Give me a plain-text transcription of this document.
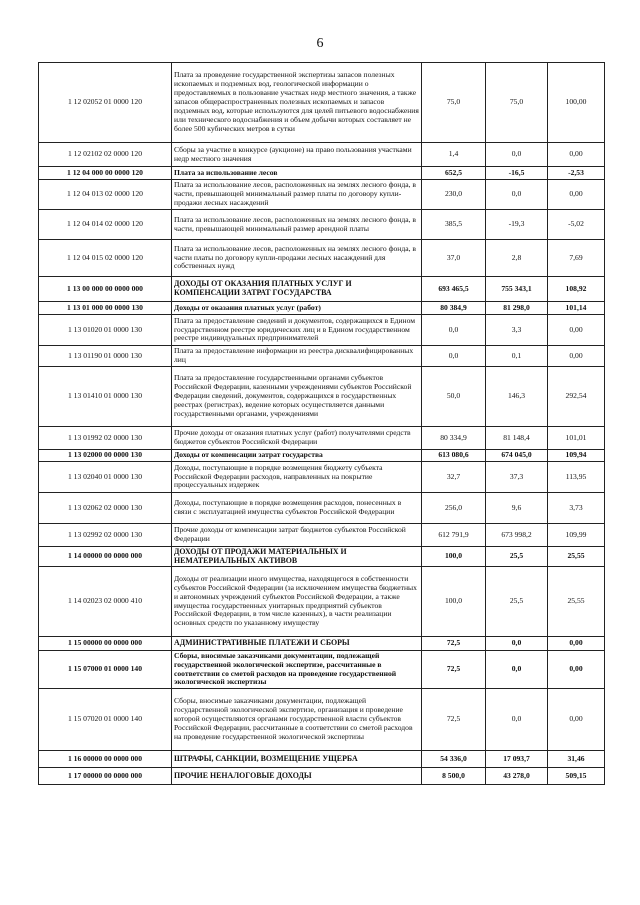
6
1 12 02052 01 0000 120	Плата за проведение государственной экспертизы запасов полезных ископаемых и подземных вод, геологической информации о предоставляемых в пользование участках недр местного значения, а также запасов общераспространенных полезных ископаемых и запасов подземных вод, которые используются для целей питьевого водоснабжения или технического водоснабжения и объем добычи которых составляет не более 500 кубических метров в сутки	75,0	75,0	100,00
1 12 02102 02 0000 120	Сборы за участие в конкурсе (аукционе) на право пользования участками недр местного значения	1,4	0,0	0,00
1 12 04 000 00 0000 120	Плата за использование лесов	652,5	-16,5	-2,53
1 12 04 013 02 0000 120	Плата за использование лесов, расположенных на землях лесного фонда, в части, превышающей минимальный размер платы по договору купли-продажи лесных насаждений	230,0	0,0	0,00
1 12 04 014 02 0000 120	Плата за использование лесов, расположенных на землях лесного фонда, в части, превышающей минимальный размер арендной платы	385,5	-19,3	-5,02
1 12 04 015 02 0000 120	Плата за использование лесов, расположенных на землях лесного фонда, в части платы по договору купли-продажи лесных насаждений для собственных нужд	37,0	2,8	7,69
1 13 00 000 00 0000 000	ДОХОДЫ ОТ ОКАЗАНИЯ ПЛАТНЫХ УСЛУГ И КОМПЕНСАЦИИ ЗАТРАТ ГОСУДАРСТВА	693 465,5	755 343,1	108,92
1 13 01 000 00 0000 130	Доходы от оказания платных услуг (работ)	80 384,9	81 298,0	101,14
1 13 01020 01 0000 130	Плата за предоставление сведений и документов, содержащихся в Едином государственном реестре юридических лиц и в Едином государственном реестре индивидуальных предпринимателей	0,0	3,3	0,00
1 13 01190 01 0000 130	Плата за предоставление информации из реестра дисквалифицированных лиц	0,0	0,1	0,00
1 13 01410 01 0000 130	Плата за предоставление государственными органами субъектов Российской Федерации, казенными учреждениями субъектов Российской Федерации сведений, документов, содержащихся в государственных реестрах (регистрах), ведение которых осуществляется данными государственными органами, учреждениями	50,0	146,3	292,54
1 13 01992 02 0000 130	Прочие доходы от оказания платных услуг (работ) получателями средств бюджетов субъектов Российской Федерации	80 334,9	81 148,4	101,01
1 13 02000 00 0000 130	Доходы от компенсации затрат государства	613 080,6	674 045,0	109,94
1 13 02040 01 0000 130	Доходы, поступающие в порядке возмещения бюджету субъекта Российской Федерации расходов, направленных на покрытие процессуальных издержек	32,7	37,3	113,95
1 13 02062 02 0000 130	Доходы, поступающие в порядке возмещения расходов, понесенных в связи с эксплуатацией имущества субъектов Российской Федерации	256,0	9,6	3,73
1 13 02992 02 0000 130	Прочие доходы от компенсации затрат бюджетов субъектов Российской Федерации	612 791,9	673 998,2	109,99
1 14 00000 00 0000 000	ДОХОДЫ ОТ ПРОДАЖИ МАТЕРИАЛЬНЫХ И НЕМАТЕРИАЛЬНЫХ АКТИВОВ	100,0	25,5	25,55
1 14 02023 02 0000 410	Доходы от реализации иного имущества, находящегося в собственности субъектов Российской Федерации (за исключением имущества бюджетных и автономных учреждений субъектов Российской Федерации, а также имущества государственных унитарных предприятий субъектов Российской Федерации, в том числе казенных), в части реализации основных средств по указанному имуществу	100,0	25,5	25,55
1 15 00000 00 0000 000	АДМИНИСТРАТИВНЫЕ ПЛАТЕЖИ И СБОРЫ	72,5	0,0	0,00
1 15 07000 01 0000 140	Сборы, вносимые заказчиками документации, подлежащей государственной экологической экспертизе, рассчитанные в соответствии со сметой расходов на проведение государственной экологической экспертизы	72,5	0,0	0,00
1 15 07020 01 0000 140	Сборы, вносимые заказчиками документации, подлежащей государственной экологической экспертизе, организация и проведение которой осуществляются органами государственной власти субъектов Российской Федерации, рассчитанные в соответствии со сметой расходов на проведение государственной экологической экспертизы	72,5	0,0	0,00
1 16 00000 00 0000 000	ШТРАФЫ, САНКЦИИ, ВОЗМЕЩЕНИЕ УЩЕРБА	54 336,0	17 093,7	31,46
1 17 00000 00 0000 000	ПРОЧИЕ НЕНАЛОГОВЫЕ ДОХОДЫ	8 500,0	43 278,0	509,15
